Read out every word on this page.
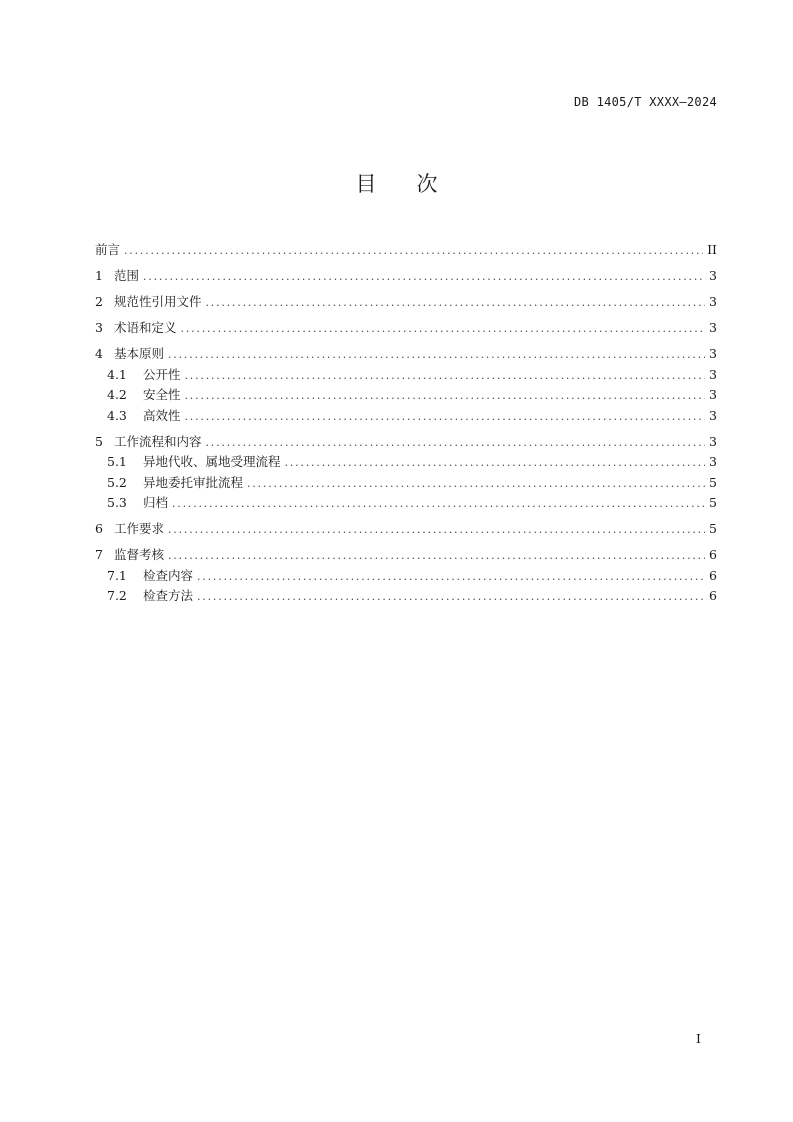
DB 1405/T XXXX—2024
目 次
前言 .....	II
1 范围 .....	3
2 规范性引用文件 .....	3
3 术语和定义 .....	3
4 基本原则 .....	3
4.1	公开性 .....	3
4.2	安全性 .....	3
4.3	高效性 .....	3
5 工作流程和内容 .....	3
5.1	异地代收、属地受理流程 .....	3
5.2	异地委托审批流程 .....	5
5.3	归档 .....	5
6 工作要求 .....	5
7 监督考核 .....	6
7.1	检查内容 .....	6
7.2	检查方法 .....	6
I
